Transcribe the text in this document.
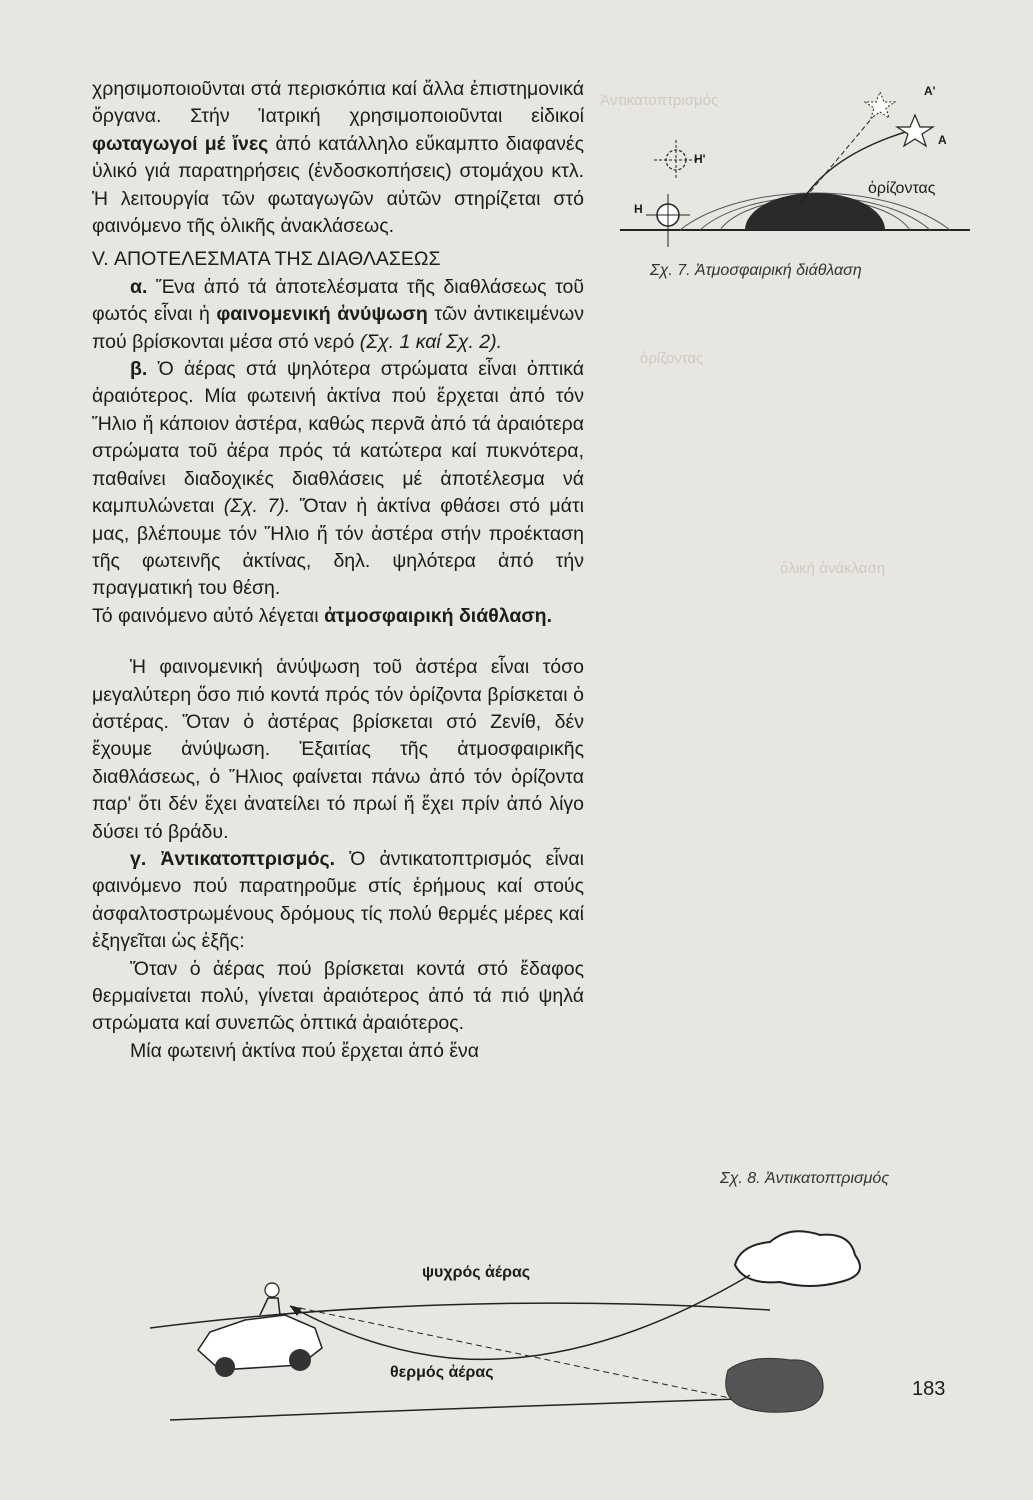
Ἀντικατοπτρισμός
ὁρίζοντας
ὁλική ἀνάκλαση

χρησιμοποιοῦνται στά περισκόπια καί ἄλλα ἐπιστημονικά ὄργανα. Στήν Ἰατρική χρησιμοποιοῦνται εἰδικοί φωταγωγοί μέ ἴνες ἀπό κατάλληλο εὔκαμπτο διαφανές ὑλικό γιά παρατηρήσεις (ἐνδοσκοπήσεις) στομάχου κτλ. Ἡ λειτουργία τῶν φωταγωγῶν αὐτῶν στηρίζεται στό φαινόμενο τῆς ὁλικῆς ἀνακλάσεως.

V. ΑΠΟΤΕΛΕΣΜΑΤΑ ΤΗΣ ΔΙΑΘΛΑΣΕΩΣ

α. Ἕνα ἀπό τά ἀποτελέσματα τῆς διαθλάσεως τοῦ φωτός εἶναι ἡ φαινομενική ἀνύψωση τῶν ἀντικειμένων πού βρίσκονται μέσα στό νερό (Σχ. 1 καί Σχ. 2).

β. Ὁ ἀέρας στά ψηλότερα στρώματα εἶναι ὀπτικά ἀραιότερος. Μία φωτεινή ἀκτίνα πού ἔρχεται ἀπό τόν Ἥλιο ἤ κάποιον ἀστέρα, καθώς περνᾶ ἀπό τά ἀραιότερα στρώματα τοῦ ἀέρα πρός τά κατώτερα καί πυκνότερα, παθαίνει διαδοχικές διαθλάσεις μέ ἀποτέλεσμα νά καμπυλώνεται (Σχ. 7). Ὅταν ἡ ἀκτίνα φθάσει στό μάτι μας, βλέπουμε τόν Ἥλιο ἤ τόν ἀστέρα στήν προέκταση τῆς φωτεινῆς ἀκτίνας, δηλ. ψηλότερα ἀπό τήν πραγματική του θέση.

Τό φαινόμενο αὐτό λέγεται ἀτμοσφαιρική διάθλαση.

Ἡ φαινομενική ἀνύψωση τοῦ ἀστέρα εἶναι τόσο μεγαλύτερη ὅσο πιό κοντά πρός τόν ὁρίζοντα βρίσκεται ὁ ἀστέρας. Ὅταν ὁ ἀστέρας βρίσκεται στό Ζενίθ, δέν ἔχουμε ἀνύψωση. Ἐξαιτίας τῆς ἀτμοσφαιρικῆς διαθλάσεως, ὁ Ἥλιος φαίνεται πάνω ἀπό τόν ὁρίζοντα παρ' ὅτι δέν ἔχει ἀνατείλει τό πρωί ἤ ἔχει πρίν ἀπό λίγο δύσει τό βράδυ.

γ. Ἀντικατοπτρισμός. Ὁ ἀντικατοπτρισμός εἶναι φαινόμενο πού παρατηροῦμε στίς ἐρήμους καί στούς ἀσφαλτοστρωμένους δρόμους τίς πολύ θερμές μέρες καί ἐξηγεῖται ὡς ἑξῆς:

Ὅταν ὁ ἀέρας πού βρίσκεται κοντά στό ἔδαφος θερμαίνεται πολύ, γίνεται ἀραιότερος ἀπό τά πιό ψηλά στρώματα καί συνεπῶς ὀπτικά ἀραιότερος.

Μία φωτεινή ἀκτίνα πού ἔρχεται ἀπό ἕνα

Α'
Α
Η'
Η
ὁρίζοντας
Σχ. 7. Ἀτμοσφαιρική διάθλαση
Σχ. 8. Ἀντικατοπτρισμός
ψυχρός ἀέρας
θερμός ἀέρας
183
